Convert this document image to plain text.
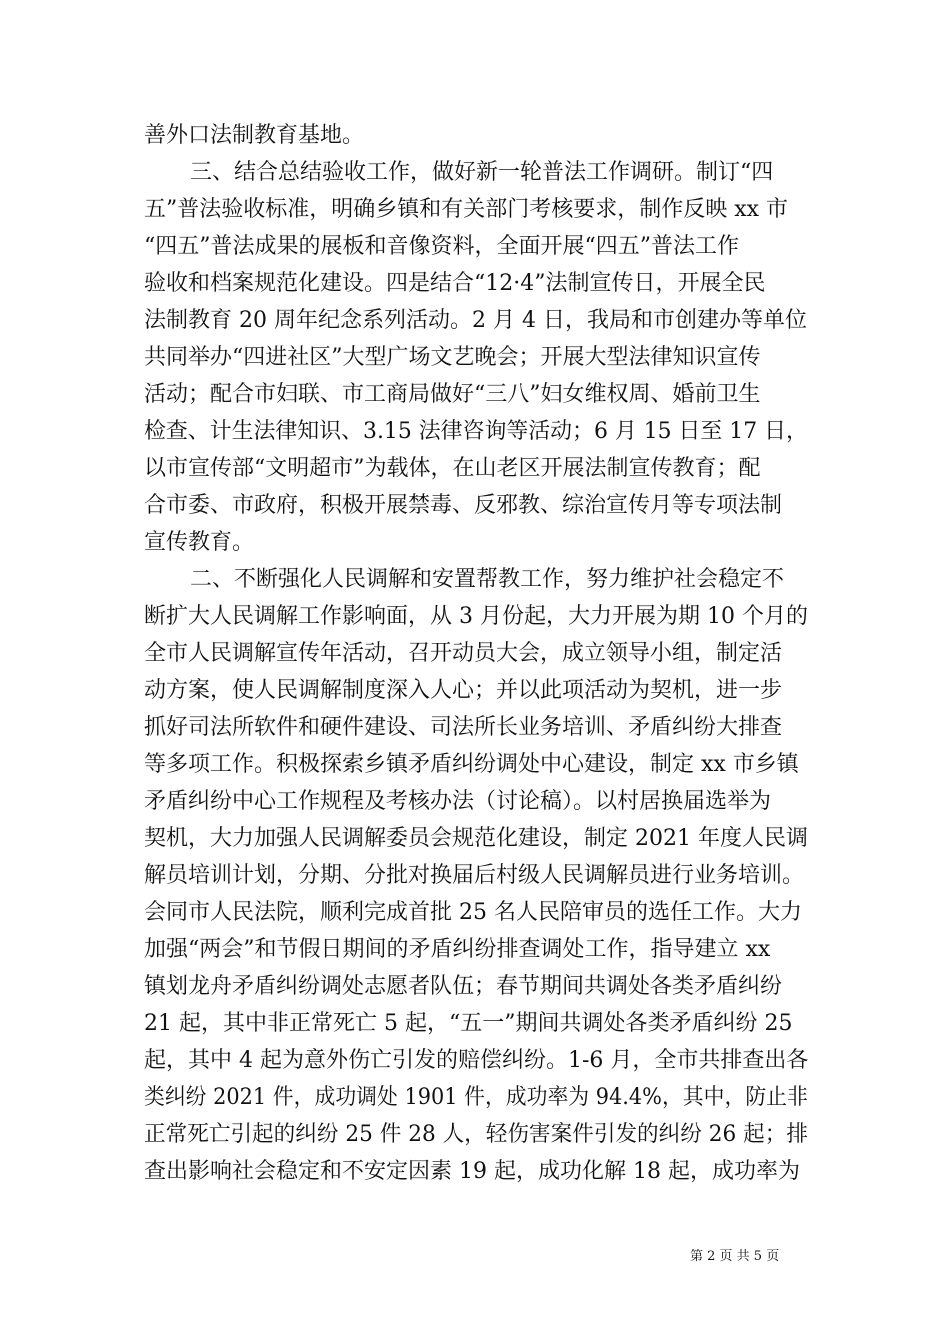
善外口法制教育基地。
三、结合总结验收工作，做好新一轮普法工作调研。制订“四
五”普法验收标准，明确乡镇和有关部门考核要求，制作反映 xx 市
“四五”普法成果的展板和音像资料，全面开展“四五”普法工作
验收和档案规范化建设。四是结合“12·4”法制宣传日，开展全民
法制教育 20 周年纪念系列活动。2 月 4 日，我局和市创建办等单位
共同举办“四进社区”大型广场文艺晚会；开展大型法律知识宣传
活动；配合市妇联、市工商局做好“三八”妇女维权周、婚前卫生
检查、计生法律知识、3.15 法律咨询等活动；6 月 15 日至 17 日，
以市宣传部“文明超市”为载体，在山老区开展法制宣传教育；配
合市委、市政府，积极开展禁毒、反邪教、综治宣传月等专项法制
宣传教育。
二、不断强化人民调解和安置帮教工作，努力维护社会稳定不
断扩大人民调解工作影响面，从 3 月份起，大力开展为期 10 个月的
全市人民调解宣传年活动，召开动员大会，成立领导小组，制定活
动方案，使人民调解制度深入人心；并以此项活动为契机，进一步
抓好司法所软件和硬件建设、司法所长业务培训、矛盾纠纷大排查
等多项工作。积极探索乡镇矛盾纠纷调处中心建设，制定 xx 市乡镇
矛盾纠纷中心工作规程及考核办法（讨论稿）。以村居换届选举为
契机，大力加强人民调解委员会规范化建设，制定 2021 年度人民调
解员培训计划，分期、分批对换届后村级人民调解员进行业务培训。
会同市人民法院，顺利完成首批 25 名人民陪审员的选任工作。大力
加强“两会”和节假日期间的矛盾纠纷排查调处工作，指导建立 xx
镇划龙舟矛盾纠纷调处志愿者队伍；春节期间共调处各类矛盾纠纷
21 起，其中非正常死亡 5 起，“五一”期间共调处各类矛盾纠纷 25
起，其中 4 起为意外伤亡引发的赔偿纠纷。1-6 月，全市共排查出各
类纠纷 2021 件，成功调处 1901 件，成功率为 94.4%，其中，防止非
正常死亡引起的纠纷 25 件 28 人，轻伤害案件引发的纠纷 26 起；排
查出影响社会稳定和不安定因素 19 起，成功化解 18 起，成功率为
第 2 页 共 5 页
